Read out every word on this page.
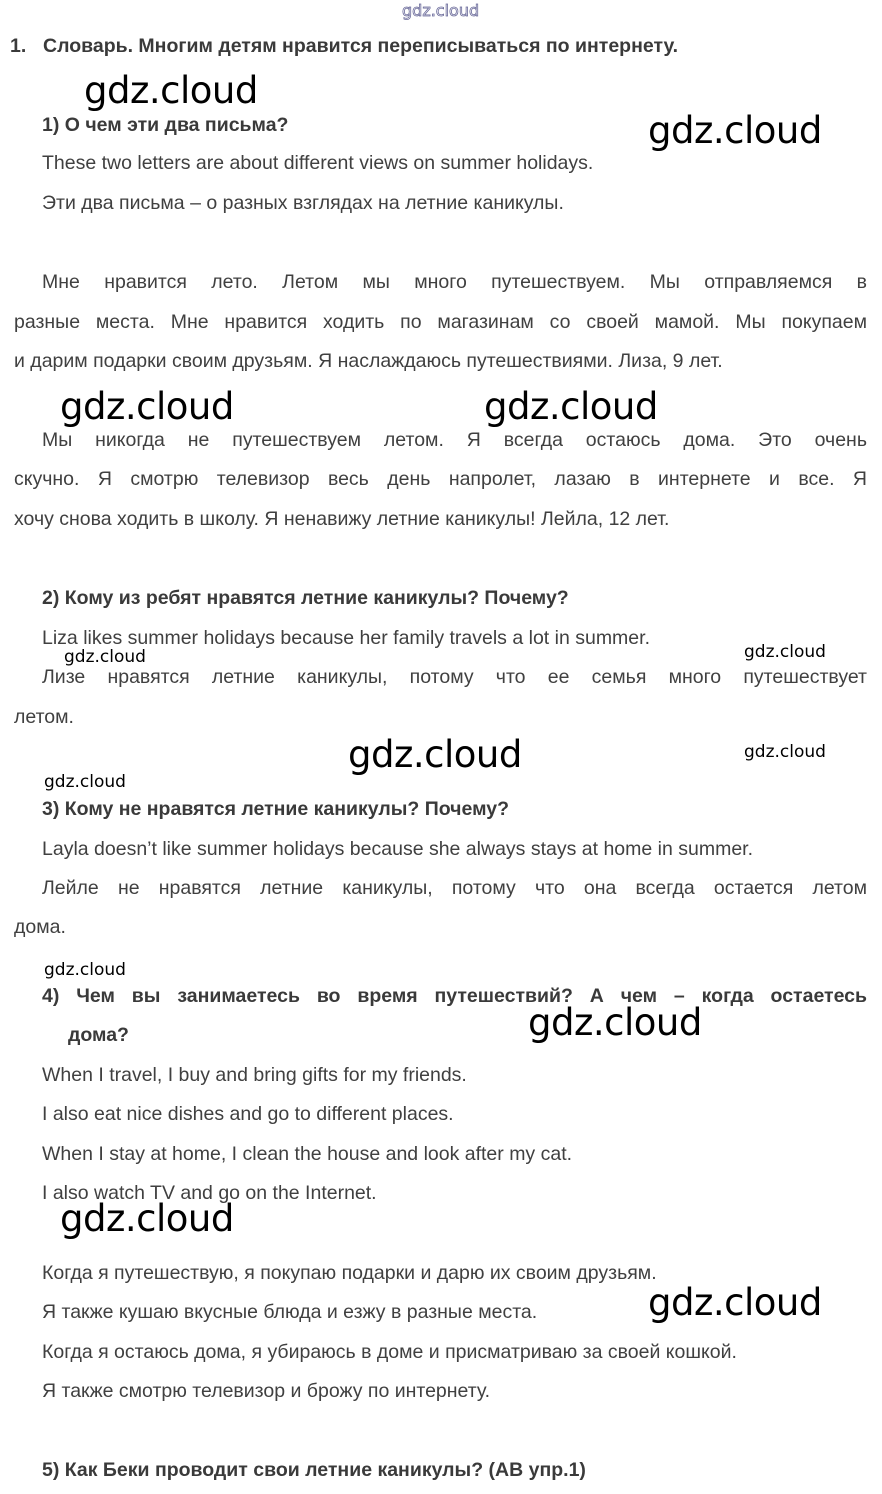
gdz.cloud
1. Словарь. Многим детям нравится переписываться по интернету.
1) О чем эти два письма?
These two letters are about different views on summer holidays.
Эти два письма – о разных взглядах на летние каникулы.
Мне нравится лето. Летом мы много путешествуем. Мы отправляемся в
разные места. Мне нравится ходить по магазинам со своей мамой. Мы покупаем
и дарим подарки своим друзьям. Я наслаждаюсь путешествиями. Лиза, 9 лет.
Мы никогда не путешествуем летом. Я всегда остаюсь дома. Это очень
скучно. Я смотрю телевизор весь день напролет, лазаю в интернете и все. Я
хочу снова ходить в школу. Я ненавижу летние каникулы! Лейла, 12 лет.
2) Кому из ребят нравятся летние каникулы? Почему?
Liza likes summer holidays because her family travels a lot in summer.
Лизе нравятся летние каникулы, потому что ее семья много путешествует
летом.
3) Кому не нравятся летние каникулы? Почему?
Layla doesn’t like summer holidays because she always stays at home in summer.
Лейле не нравятся летние каникулы, потому что она всегда остается летом
дома.
4) Чем вы занимаетесь во время путешествий? А чем – когда остаетесь
дома?
When I travel, I buy and bring gifts for my friends.
I also eat nice dishes and go to different places.
When I stay at home, I clean the house and look after my cat.
I also watch TV and go on the Internet.
Когда я путешествую, я покупаю подарки и дарю их своим друзьям.
Я также кушаю вкусные блюда и езжу в разные места.
Когда я остаюсь дома, я убираюсь в доме и присматриваю за своей кошкой.
Я также смотрю телевизор и брожу по интернету.
5) Как Беки проводит свои летние каникулы? (АВ упр.1)
gdz.cloud
gdz.cloud
gdz.cloud	gdz.cloud
gdz.cloud	gdz.cloud
gdz.cloud	gdz.cloud
gdz.cloud
gdz.cloud
gdz.cloud
gdz.cloud
gdz.cloud
